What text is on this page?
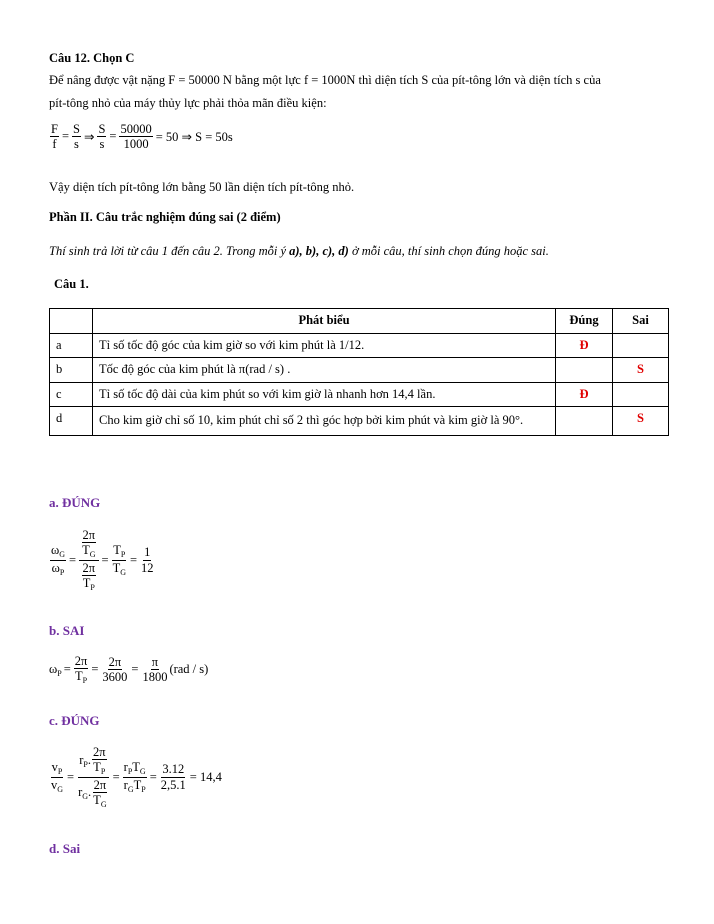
Câu 12. Chọn C
Để nâng được vật nặng F = 50000 N bằng một lực f = 1000N thì diện tích S của pít-tông lớn và diện tích s của
pít-tông nhỏ của máy thủy lực phải thỏa mãn điều kiện:
$\frac{F}{f} = \frac{S}{s}$ ⇒ $\frac{S}{s} = \frac{50000}{1000} = 50$ ⇒ S = 50s
Vậy diện tích pít-tông lớn bằng 50 lần diện tích pít-tông nhỏ.
Phần II. Câu trắc nghiệm đúng sai (2 điểm)
Thí sinh trả lời từ câu 1 đến câu 2. Trong mỗi ý a), b), c), d) ở mỗi câu, thí sinh chọn đúng hoặc sai.
Câu 1.
	Phát biểu	Đúng	Sai
a	Tỉ số tốc độ góc của kim giờ so với kim phút là 1/12.	Đ	
b	Tốc độ góc của kim phút là π(rad / s) .		S
c	Tỉ số tốc độ dài của kim phút so với kim giờ là nhanh hơn 14,4 lần.	Đ	
d	Cho kim giờ chỉ số 10, kim phút chỉ số 2 thì góc hợp bởi kim phút và kim giờ là 90°.		S
a. ĐÚNG
$\frac{\omega_G}{\omega_P} = \frac{\frac{2\pi}{T_G}}{\frac{2\pi}{T_P}} = \frac{T_P}{T_G} = \frac{1}{12}$
b. SAI
$\omega_P = \frac{2\pi}{T_P} = \frac{2\pi}{3600} = \frac{\pi}{1800} (rad / s)$
c. ĐÚNG
$\frac{v_P}{v_G} = \frac{r_P. \frac{2\pi}{T_P}}{r_G. \frac{2\pi}{T_G}} = \frac{r_PT_G}{r_GT_P} = \frac{3.12}{2,5.1} = 14,4$
d. Sai
